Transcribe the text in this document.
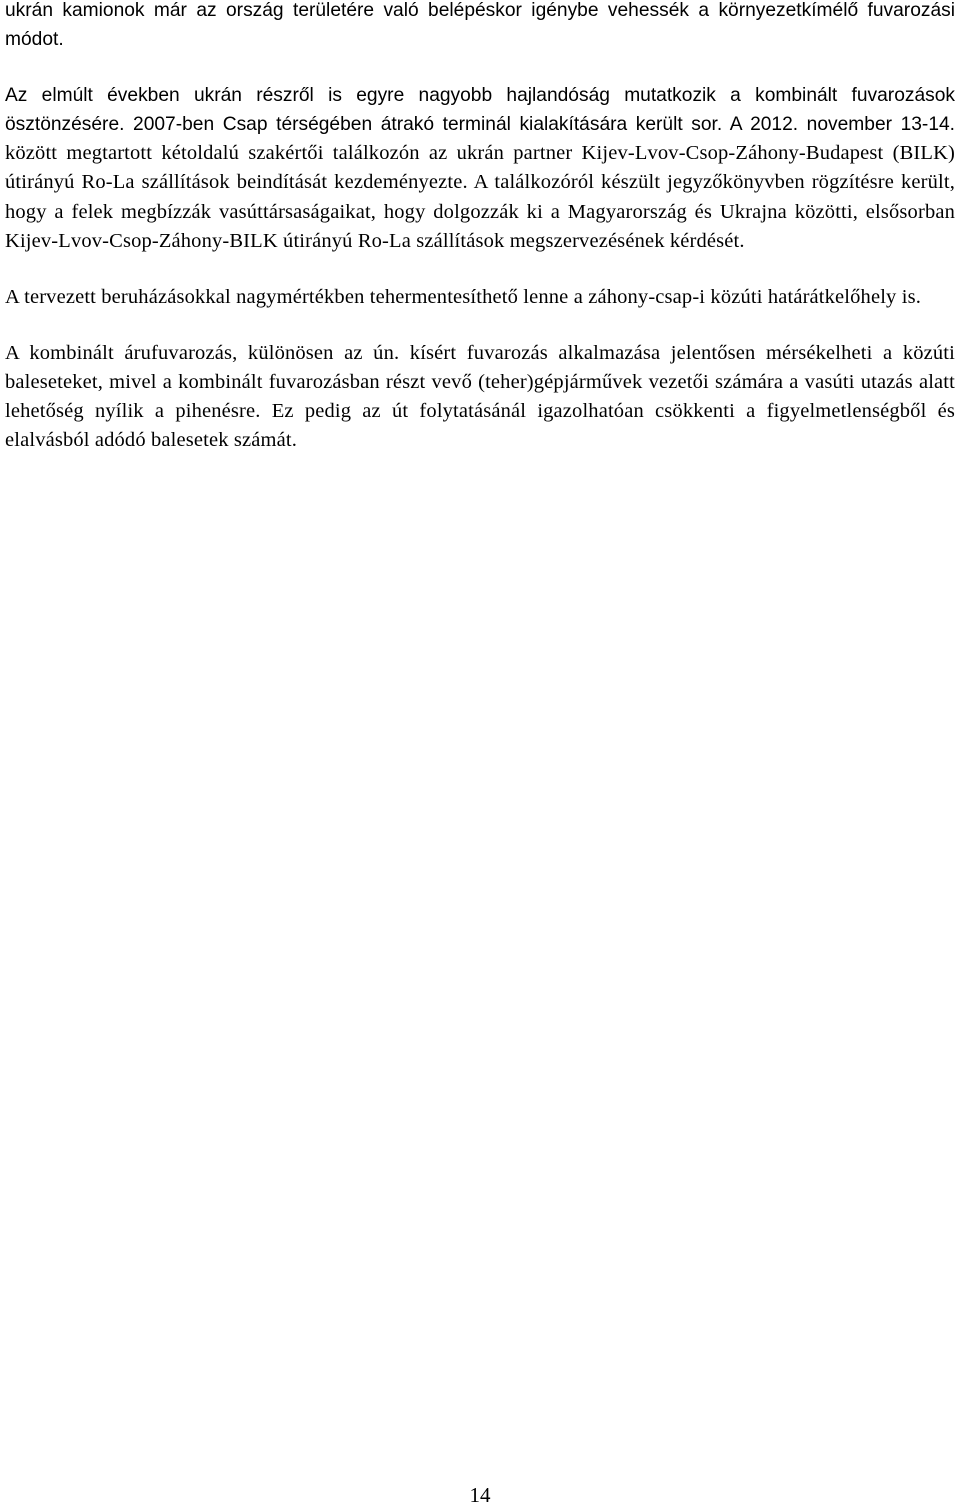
ukrán kamionok már az ország területére való belépéskor igénybe vehessék a környezetkímélő fuvarozási módot.

Az elmúlt években ukrán részről is egyre nagyobb hajlandóság mutatkozik a kombinált fuvarozások ösztönzésére. 2007-ben Csap térségében átrakó terminál kialakítására került sor. A 2012. november 13-14. között megtartott kétoldalú szakértői találkozón az ukrán partner Kijev-Lvov-Csop-Záhony-Budapest (BILK) útirányú Ro-La szállítások beindítását kezdeményezte. A találkozóról készült jegyzőkönyvben rögzítésre került, hogy a felek megbízzák vasúttársaságaikat, hogy dolgozzák ki a Magyarország és Ukrajna közötti, elsősorban Kijev-Lvov-Csop-Záhony-BILK útirányú Ro-La szállítások megszervezésének kérdését.

A tervezett beruházásokkal nagymértékben tehermentesíthető lenne a záhony-csap-i közúti határátkelőhely is.

A kombinált árufuvarozás, különösen az ún. kísért fuvarozás alkalmazása jelentősen mérsékelheti a közúti baleseteket, mivel a kombinált fuvarozásban részt vevő (teher)gépjárművek vezetői számára a vasúti utazás alatt lehetőség nyílik a pihenésre. Ez pedig az út folytatásánál igazolhatóan csökkenti a figyelmetlenségből és elalvásból adódó balesetek számát.

14
